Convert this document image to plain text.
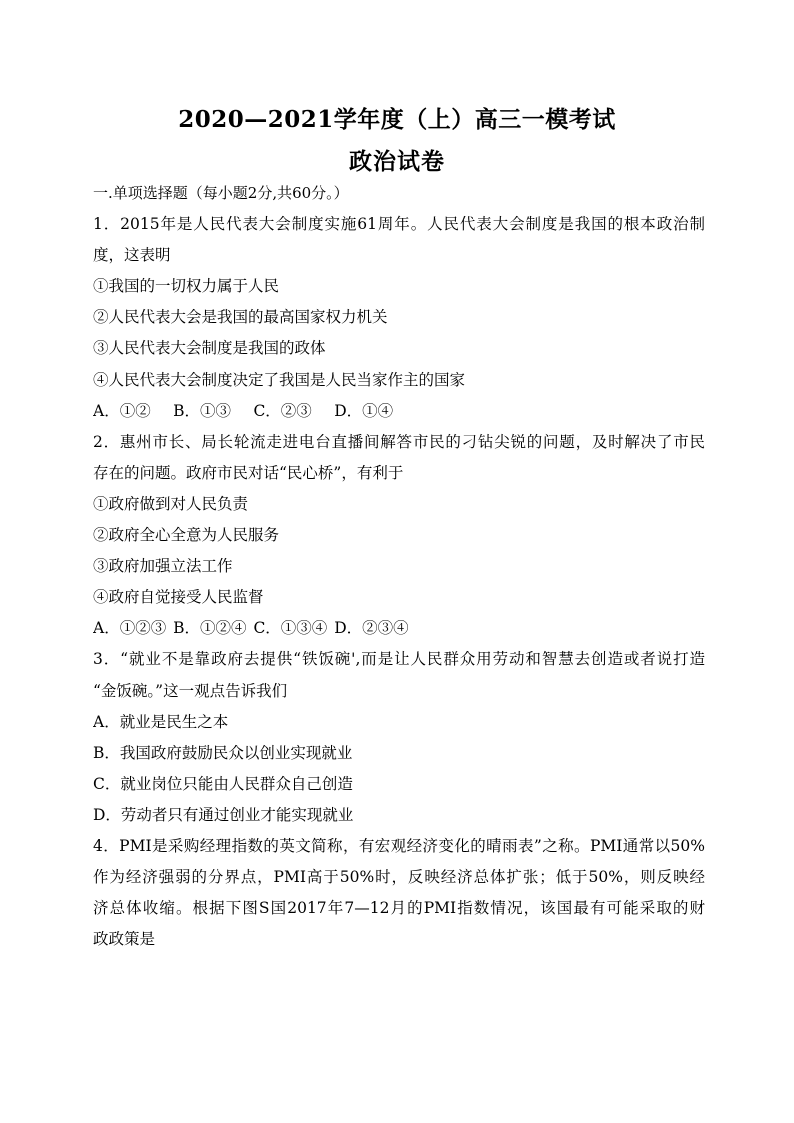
2020—2021学年度（上）高三一模考试
政治试卷
一.单项选择题（每小题2分,共60分。）
1．2015年是人民代表大会制度实施61周年。人民代表大会制度是我国的根本政治制
度，这表明
①我国的一切权力属于人民
②人民代表大会是我国的最高国家权力机关
③人民代表大会制度是我国的政体
④人民代表大会制度决定了我国是人民当家作主的国家
A．①②　 B．①③　 C．②③　 D．①④
2．惠州市长、局长轮流走进电台直播间解答市民的刁钻尖锐的问题，及时解决了市民
存在的问题。政府市民对话“民心桥”，有利于
①政府做到对人民负责
②政府全心全意为人民服务
③政府加强立法工作
④政府自觉接受人民监督
A．①②③ B．①②④ C．①③④ D．②③④
3．“就业不是靠政府去提供“铁饭碗',而是让人民群众用劳动和智慧去创造或者说打造
“金饭碗。”这一观点告诉我们
A．就业是民生之本
B．我国政府鼓励民众以创业实现就业
C．就业岗位只能由人民群众自己创造
D．劳动者只有通过创业才能实现就业
4．PMI是采购经理指数的英文简称，有宏观经济变化的晴雨表”之称。PMI通常以50%
作为经济强弱的分界点，PMI高于50%时，反映经济总体扩张；低于50%，则反映经
济总体收缩。根据下图S国2017年7—12月的PMI指数情况，该国最有可能采取的财
政政策是
